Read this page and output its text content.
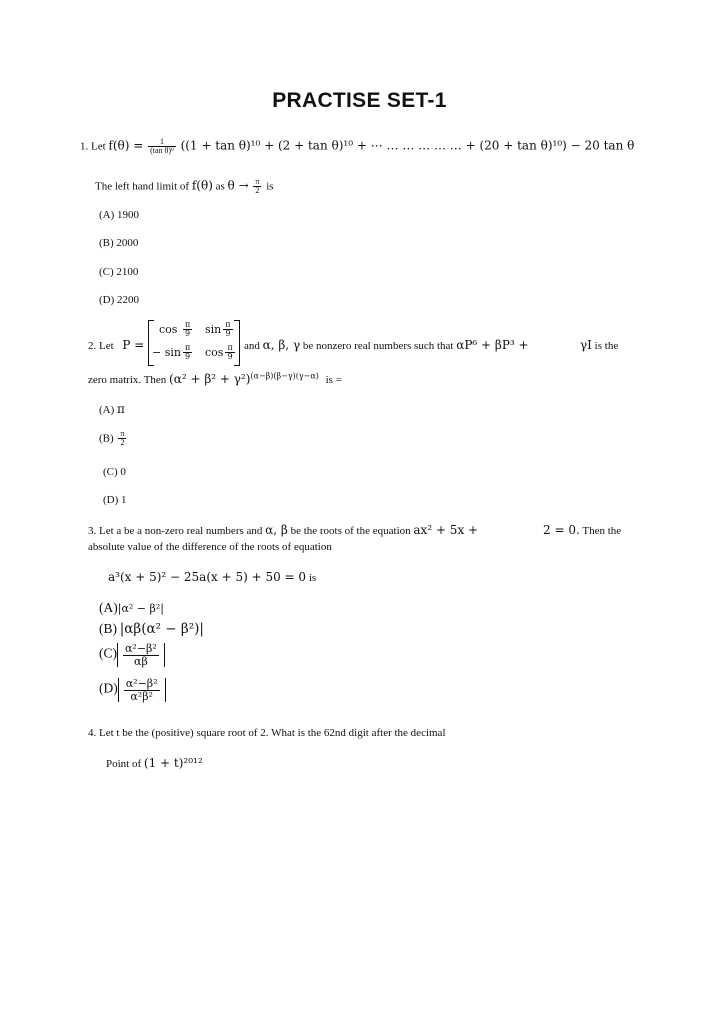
PRACTISE SET-1
1. Let $f(\theta) = \frac{1}{\text{(tan θ)⁹}} ((1 + \tan \theta)^{10} + (2 + \tan \theta)^{10}$ + ⋯ … … … … … + (20 + tan θ)¹⁰) − 20 tan θ
The left hand limit of f(θ) as $\theta \to \frac{\pi}{2}$ is
(A) 1900
(B) 2000
(C) 2100
(D) 2200
2. Let P =
$\cos \frac{\pi}{9}$ $\sin \frac{\pi}{9}$
− $\sin \frac{\pi}{9}$ $\cos \frac{\pi}{9}$ and α, β, γ be nonzero real numbers such that αP⁶ + βP³ +	γI is the
zero matrix. Then $(\alpha^2 + \beta^2 + \gamma^2)^{(\alpha-\beta)(\beta-\gamma)(\gamma-\alpha)}$ is =
(A) π
$(B) \frac{\pi}{2}$
(C) 0
(D) 1
3. Let a be a non-zero real numbers and α, β be the roots of the equation ax² + 5x +	2 = 0. Then the
absolute value of the difference of the roots of equation
a³(x + 5)² − 25a(x + 5) + 50 = 0 is
(A)|α² − β²|
(B) |αβ(α² − β²)|
$(C) \frac{\text{α²−β²}}{\alpha\beta}$
$(D) \frac{\text{α²−β²}}{\text{α²β²}}$
4. Let t be the (positive) square root of 2. What is the 62nd digit after the decimal
Point of (1 + t)²⁰¹²
